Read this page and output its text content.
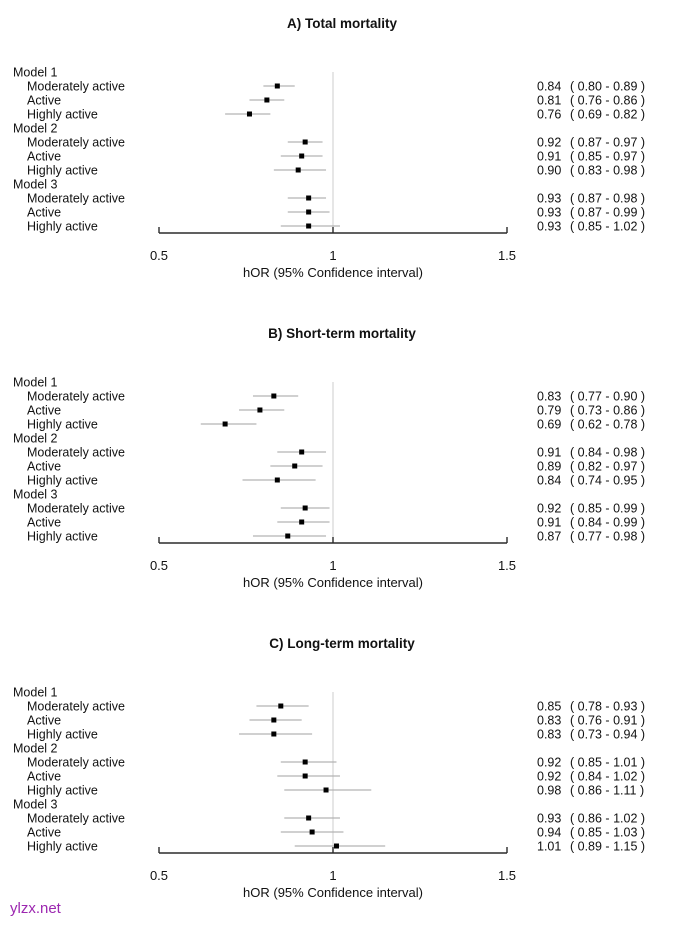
A) Total mortality
Model 1
Moderately active	0.84 ( 0.80 - 0.89 )
Active	0.81 ( 0.76 - 0.86 )
Highly active	0.76 ( 0.69 - 0.82 )
Model 2
Moderately active	0.92 ( 0.87 - 0.97 )
Active	0.91 ( 0.85 - 0.97 )
Highly active	0.90 ( 0.83 - 0.98 )
Model 3
Moderately active	0.93 ( 0.87 - 0.98 )
Active	0.93 ( 0.87 - 0.99 )
Highly active	0.93 ( 0.85 - 1.02 )
0.5	1	1.5
hOR (95% Confidence interval)
B) Short-term mortality
Model 1
Moderately active	0.83 ( 0.77 - 0.90 )
Active	0.79 ( 0.73 - 0.86 )
Highly active	0.69 ( 0.62 - 0.78 )
Model 2
Moderately active	0.91 ( 0.84 - 0.98 )
Active	0.89 ( 0.82 - 0.97 )
Highly active	0.84 ( 0.74 - 0.95 )
Model 3
Moderately active	0.92 ( 0.85 - 0.99 )
Active	0.91 ( 0.84 - 0.99 )
Highly active	0.87 ( 0.77 - 0.98 )
0.5	1	1.5
hOR (95% Confidence interval)
C) Long-term mortality
Model 1
Moderately active	0.85 ( 0.78 - 0.93 )
Active	0.83 ( 0.76 - 0.91 )
Highly active	0.83 ( 0.73 - 0.94 )
Model 2
Moderately active	0.92 ( 0.85 - 1.01 )
Active	0.92 ( 0.84 - 1.02 )
Highly active	0.98 ( 0.86 - 1.11 )
Model 3
Moderately active	0.93 ( 0.86 - 1.02 )
Active	0.94 ( 0.85 - 1.03 )
Highly active	1.01 ( 0.89 - 1.15 )
0.5	1	1.5
hOR (95% Confidence interval)
ylzx.net
